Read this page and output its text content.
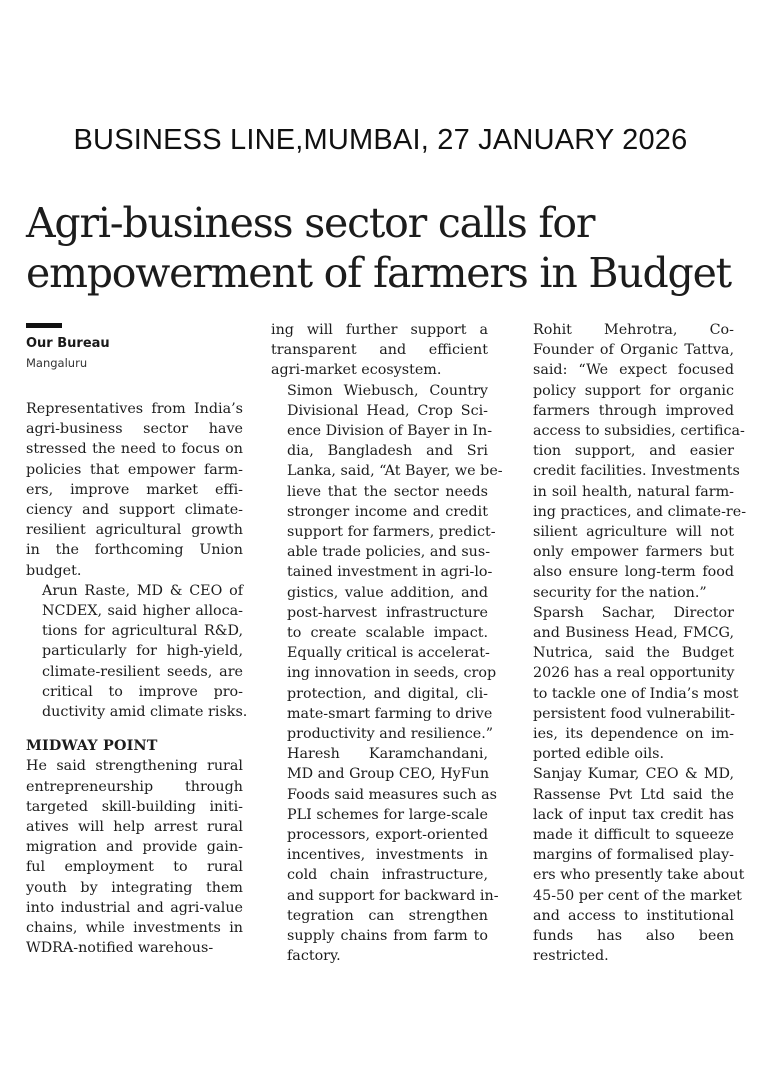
BUSINESS LINE,MUMBAI, 27 JANUARY 2026
Agri-business sector calls for
empowerment of farmers in Budget
Our Bureau
Mangaluru

Representatives from India’s
agri-business sector have
stressed the need to focus on
policies that empower farm-
ers, improve market effi-
ciency and support climate-
resilient agricultural growth
in the forthcoming Union
budget.

Arun Raste, MD & CEO of
NCDEX, said higher alloca-
tions for agricultural R&D,
particularly for high-yield,
climate-resilient seeds, are
critical to improve pro-
ductivity amid climate risks.

MIDWAY POINT

He said strengthening rural
entrepreneurship through
targeted skill-building initi-
atives will help arrest rural
migration and provide gain-
ful employment to rural
youth by integrating them
into industrial and agri-value
chains, while investments in
WDRA-notified warehous-

ing will further support a
transparent and efficient
agri-market ecosystem.

Simon Wiebusch, Country
Divisional Head, Crop Sci-
ence Division of Bayer in In-
dia, Bangladesh and Sri
Lanka, said, “At Bayer, we be-
lieve that the sector needs
stronger income and credit
support for farmers, predict-
able trade policies, and sus-
tained investment in agri-lo-
gistics, value addition, and
post-harvest infrastructure
to create scalable impact.
Equally critical is accelerat-
ing innovation in seeds, crop
protection, and digital, cli-
mate-smart farming to drive
productivity and resilience.”

Haresh Karamchandani,
MD and Group CEO, HyFun
Foods said measures such as
PLI schemes for large-scale
processors, export-oriented
incentives, investments in
cold chain infrastructure,
and support for backward in-
tegration can strengthen
supply chains from farm to
factory.

Rohit Mehrotra, Co-
Founder of Organic Tattva,
said: “We expect focused
policy support for organic
farmers through improved
access to subsidies, certifica-
tion support, and easier
credit facilities. Investments
in soil health, natural farm-
ing practices, and climate-re-
silient agriculture will not
only empower farmers but
also ensure long-term food
security for the nation.”

Sparsh Sachar, Director
and Business Head, FMCG,
Nutrica, said the Budget
2026 has a real opportunity
to tackle one of India’s most
persistent food vulnerabilit-
ies, its dependence on im-
ported edible oils.

Sanjay Kumar, CEO & MD,
Rassense Pvt Ltd said the
lack of input tax credit has
made it difficult to squeeze
margins of formalised play-
ers who presently take about
45-50 per cent of the market
and access to institutional
funds has also been
restricted.
